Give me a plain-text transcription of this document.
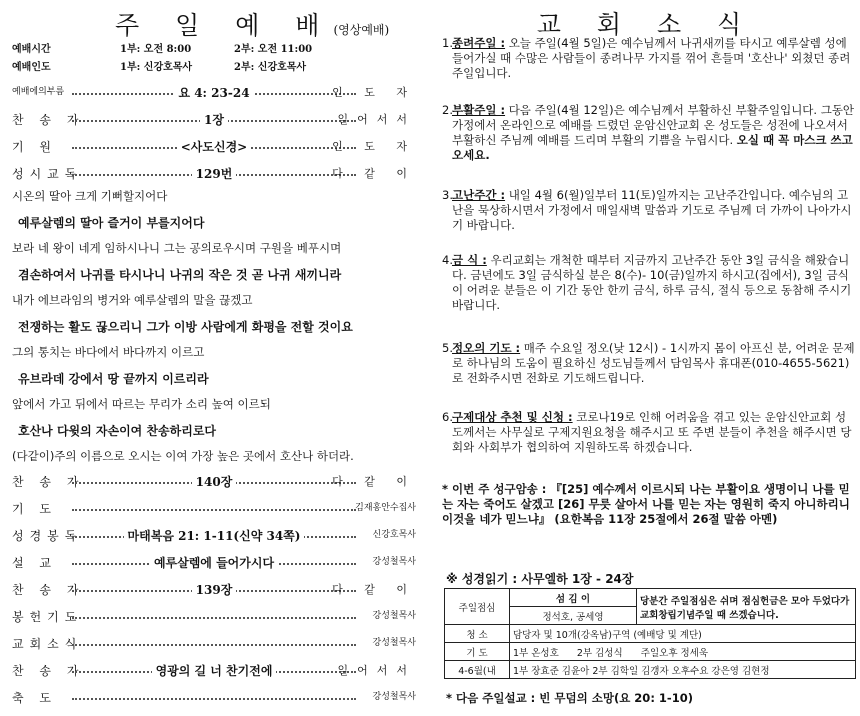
주 일 예 배(영상예배)
예배시간	1부: 오전 8:00	2부: 오전 11:00
예배인도	1부: 신강호목사	2부: 신강호목사
예배에의부름	요 4: 23-24	인 도 자
찬 송 가	1장	일어서서
기 원	<사도신경>	인 도 자
성시교독	129번	다 같 이
시온의 딸아 크게 기뻐할지어다
예루살렘의 딸아 즐거이 부를지어다
보라 네 왕이 네게 임하시나니 그는 공의로우시며 구원을 베푸시며
겸손하여서 나귀를 타시나니 나귀의 작은 것 곧 나귀 새끼니라
내가 에브라임의 병거와 예루살렘의 말을 끊겠고
전쟁하는 활도 끊으리니 그가 이방 사람에게 화평을 전할 것이요
그의 통치는 바다에서 바다까지 이르고
유브라데 강에서 땅 끝까지 이르리라
앞에서 가고 뒤에서 따르는 무리가 소리 높여 이르되
호산나 다윗의 자손이여 찬송하리로다
(다같이)주의 이름으로 오시는 이여 가장 높은 곳에서 호산나 하더라.
찬 송 가	140장	다 같 이
기 도	김재홍안수집사
성경봉독	마태복음 21: 1-11(신약 34쪽)	신강호목사
설 교	예루살렘에 들어가시다	강성철목사
찬 송 가	139장	다 같 이
봉헌기도	강성철목사
교회소식	강성철목사
찬 송 가	영광의 길 너 찬기전에	일어서서
축 도	강성철목사
교 회 소 식
1. 종려주일 : 오늘 주일(4월 5일)은 예수님께서 나귀새끼를 타시고 예루살렘 성에 들어가실 때 수많은 사람들이 종려나무 가지를 꺾어 흔들며 '호산나' 외쳤던 종려주일입니다.
2. 부활주일 : 다음 주일(4월 12일)은 예수님께서 부활하신 부활주일입니다. 그동안 가정에서 온라인으로 예배를 드렸던 운암신안교회 온 성도들은 성전에 나오셔서 부활하신 주님께 예배를 드리며 부활의 기쁨을 누립시다. 오실 때 꼭 마스크 쓰고 오세요.
3. 고난주간 : 내일 4월 6(월)일부터 11(토)일까지는 고난주간입니다. 예수님의 고난을 묵상하시면서 가정에서 매일새벽 말씀과 기도로 주님께 더 가까이 나아가시기 바랍니다.
4. 금 식 : 우리교회는 개척한 때부터 지금까지 고난주간 동안 3일 금식을 해왔습니다. 금년에도 3일 금식하실 분은 8(수)- 10(금)일까지 하시고(집에서), 3일 금식이 어려운 분들은 이 기간 동안 한끼 금식, 하루 금식, 절식 등으로 동참해 주시기 바랍니다.
5. 정오의 기도 : 매주 수요일 정오(낮 12시) - 1시까지 몸이 아프신 분, 어려운 문제로 하나님의 도움이 필요하신 성도님들께서 담임목사 휴대폰(010-4655-5621)로 전화주시면 전화로 기도해드립니다.
6. 구제대상 추천 및 신청 : 코로나19로 인해 어려움을 겪고 있는 운암신안교회 성도께서는 사무실로 구제지원요청을 해주시고 또 주변 분들이 추천을 해주시면 당회와 사회부가 협의하여 지원하도록 하겠습니다.
* 이번 주 성구암송 : 『[25] 예수께서 이르시되 나는 부활이요 생명이니 나를 믿는 자는 죽어도 살겠고 [26] 무릇 살아서 나를 믿는 자는 영원히 죽지 아니하리니 이것을 네가 믿느냐』 (요한복음 11장 25절에서 26절 말씀 아멘)
※ 성경읽기 : 사무엘하 1장 - 24장
주일점심	섬 김 이	당분간 주일점심은 쉬며 점심헌금은 모아 두었다가 교회창립기념주일 때 쓰겠습니다.
	정석호, 공세영	
청 소	담당자 및 10개(강옥남)구역 (예배당 및 계단)	
기 도	1부 온성호      2부 김성식      주일오후 정세욱	
4-6월(내	1부 장효준 김윤아 2부 김학일 김갱자 오후수요 강은영 김현정	
* 다음 주일설교 : 빈 무덤의 소망(요 20: 1-10)
